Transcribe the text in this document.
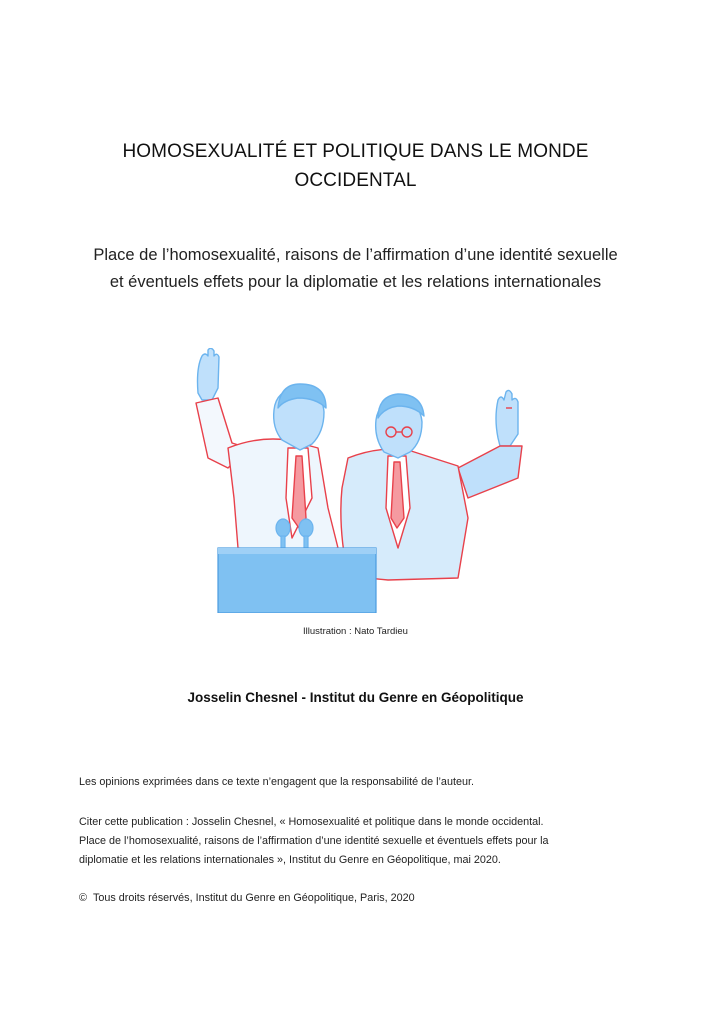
HOMOSEXUALITÉ ET POLITIQUE DANS LE MONDE
OCCIDENTAL
Place de l’homosexualité, raisons de l’affirmation d’une identité sexuelle
et éventuels effets pour la diplomatie et les relations internationales
Illustration : Nato Tardieu
Josselin Chesnel - Institut du Genre en Géopolitique
Les opinions exprimées dans ce texte n’engagent que la responsabilité de l’auteur.
Citer cette publication : Josselin Chesnel, « Homosexualité et politique dans le monde occidental.
Place de l’homosexualité, raisons de l’affirmation d’une identité sexuelle et éventuels effets pour la
diplomatie et les relations internationales », Institut du Genre en Géopolitique, mai 2020.
© Tous droits réservés, Institut du Genre en Géopolitique, Paris, 2020
